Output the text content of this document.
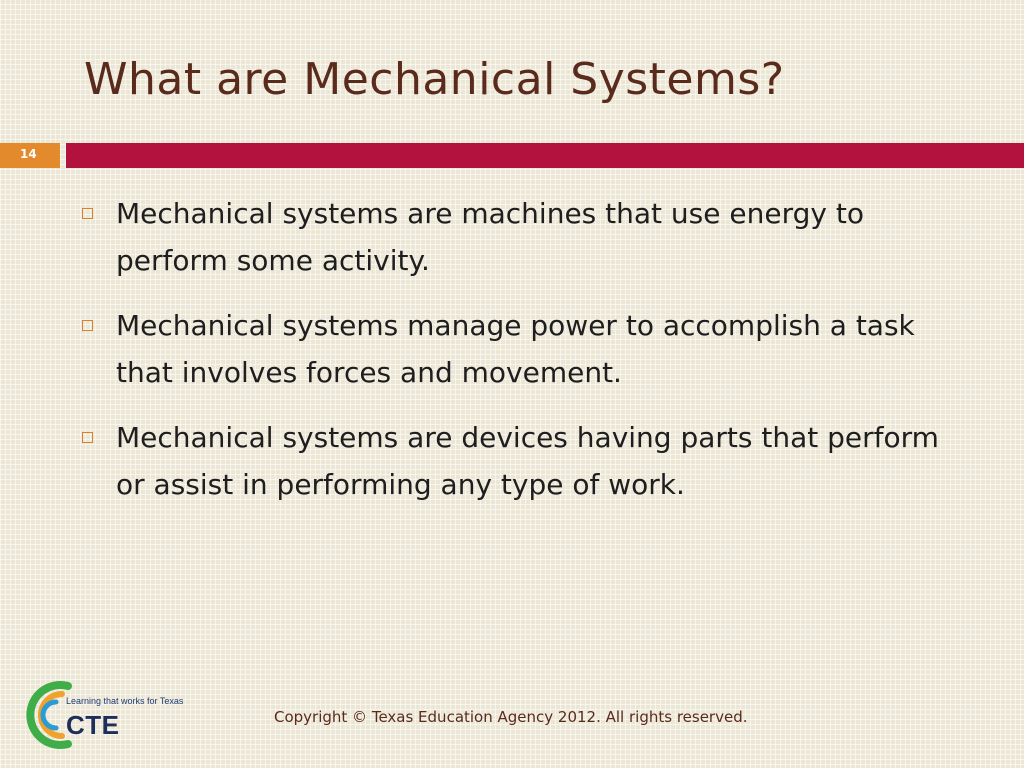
What are Mechanical Systems?
14
Mechanical systems are machines that use energy to perform some activity.
Mechanical systems manage power to accomplish a task that involves forces and movement.
Mechanical systems are devices having parts that perform or assist in performing any type of work.
Learning that works for Texas
CTE	Copyright © Texas Education Agency 2012. All rights reserved.
